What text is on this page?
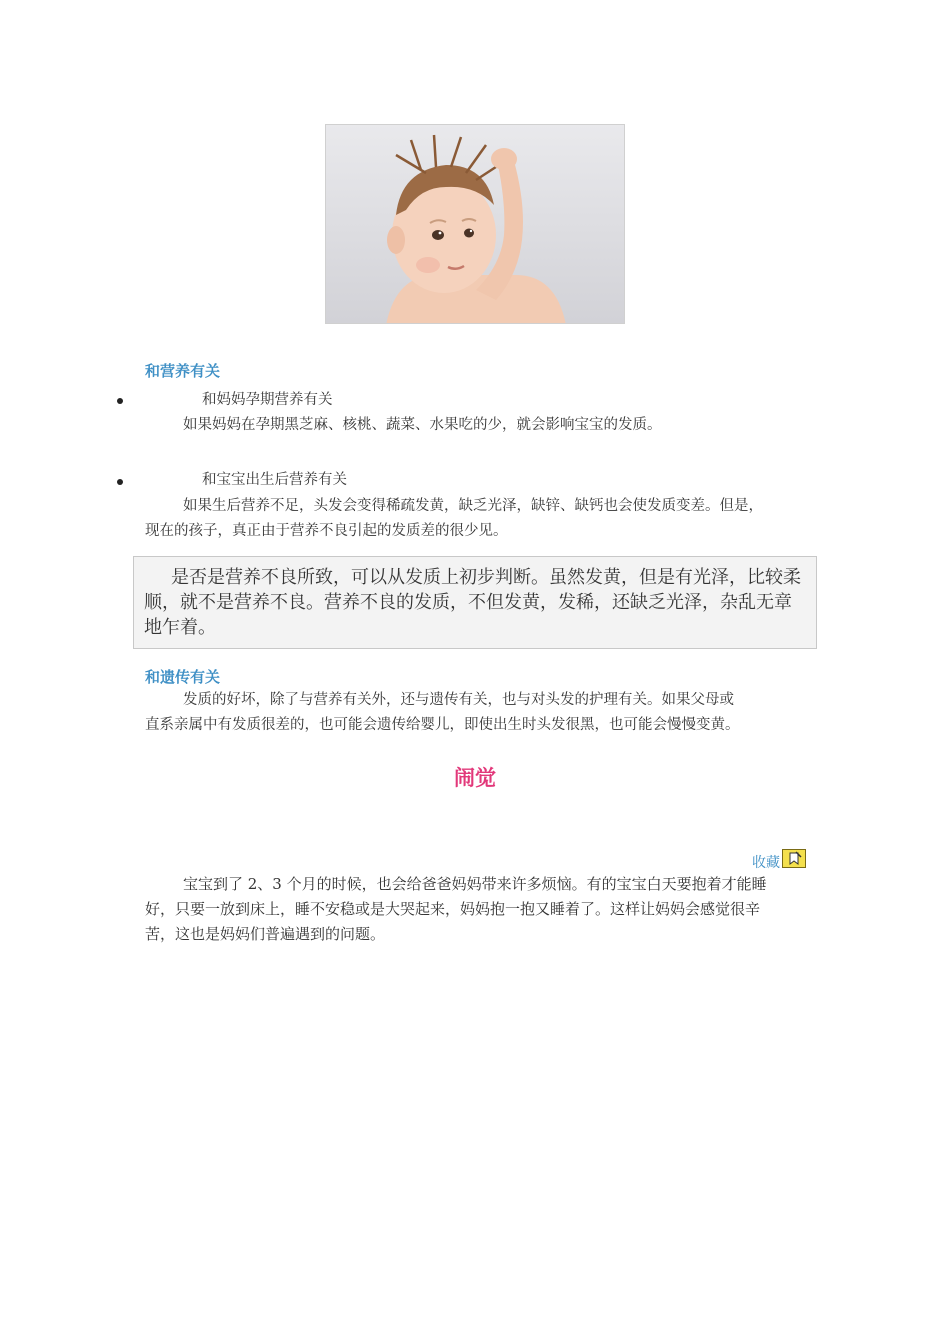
和营养有关
和妈妈孕期营养有关
如果妈妈在孕期黑芝麻、核桃、蔬菜、水果吃的少，就会影响宝宝的发质。
和宝宝出生后营养有关
如果生后营养不足，头发会变得稀疏发黄，缺乏光泽，缺锌、缺钙也会使发质变差。但是，
现在的孩子，真正由于营养不良引起的发质差的很少见。
是否是营养不良所致，可以从发质上初步判断。虽然发黄，但是有光泽，比较柔顺，就不是营养不良。营养不良的发质，不但发黄，发稀，还缺乏光泽，杂乱无章地乍着。
和遗传有关
发质的好坏，除了与营养有关外，还与遗传有关，也与对头发的护理有关。如果父母或
直系亲属中有发质很差的，也可能会遗传给婴儿，即使出生时头发很黑，也可能会慢慢变黄。
闹觉
收藏
宝宝到了 2、3 个月的时候，也会给爸爸妈妈带来许多烦恼。有的宝宝白天要抱着才能睡
好，只要一放到床上，睡不安稳或是大哭起来，妈妈抱一抱又睡着了。这样让妈妈会感觉很辛
苦，这也是妈妈们普遍遇到的问题。
